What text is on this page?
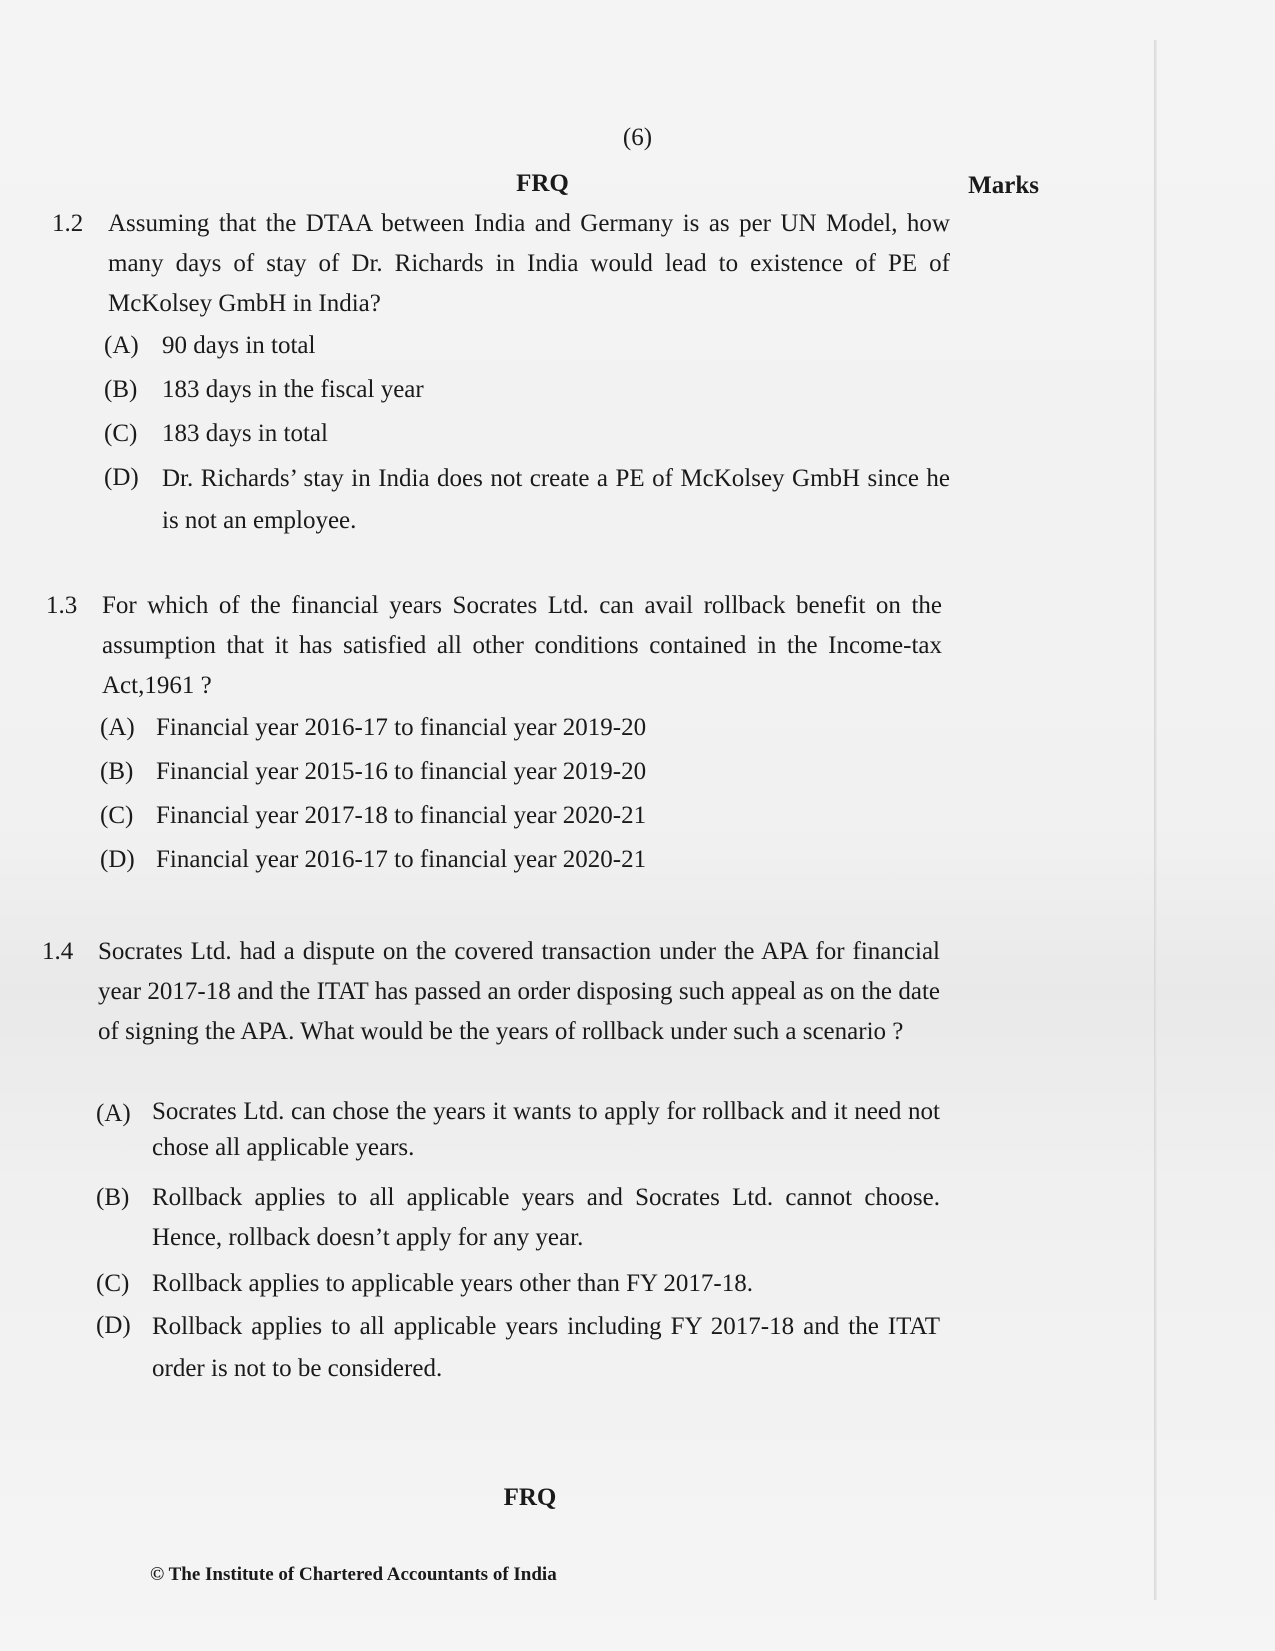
(6)
FRQ	Marks
1.2 Assuming that the DTAA between India and Germany is as per UN Model, how many days of stay of Dr. Richards in India would lead to existence of PE of McKolsey GmbH in India?
(A) 90 days in total
(B) 183 days in the fiscal year
(C) 183 days in total
(D) Dr. Richards’ stay in India does not create a PE of McKolsey GmbH since he is not an employee.
1.3 For which of the financial years Socrates Ltd. can avail rollback benefit on the assumption that it has satisfied all other conditions contained in the Income-tax Act,1961 ?
(A) Financial year 2016-17 to financial year 2019-20
(B) Financial year 2015-16 to financial year 2019-20
(C) Financial year 2017-18 to financial year 2020-21
(D) Financial year 2016-17 to financial year 2020-21
1.4 Socrates Ltd. had a dispute on the covered transaction under the APA for financial year 2017-18 and the ITAT has passed an order disposing such appeal as on the date of signing the APA. What would be the years of rollback under such a scenario ?
(A) Socrates Ltd. can chose the years it wants to apply for rollback and it need not chose all applicable years.
(B) Rollback applies to all applicable years and Socrates Ltd. cannot choose. Hence, rollback doesn’t apply for any year.
(C) Rollback applies to applicable years other than FY 2017-18.
(D) Rollback applies to all applicable years including FY 2017-18 and the ITAT order is not to be considered.
FRQ
© The Institute of Chartered Accountants of India
